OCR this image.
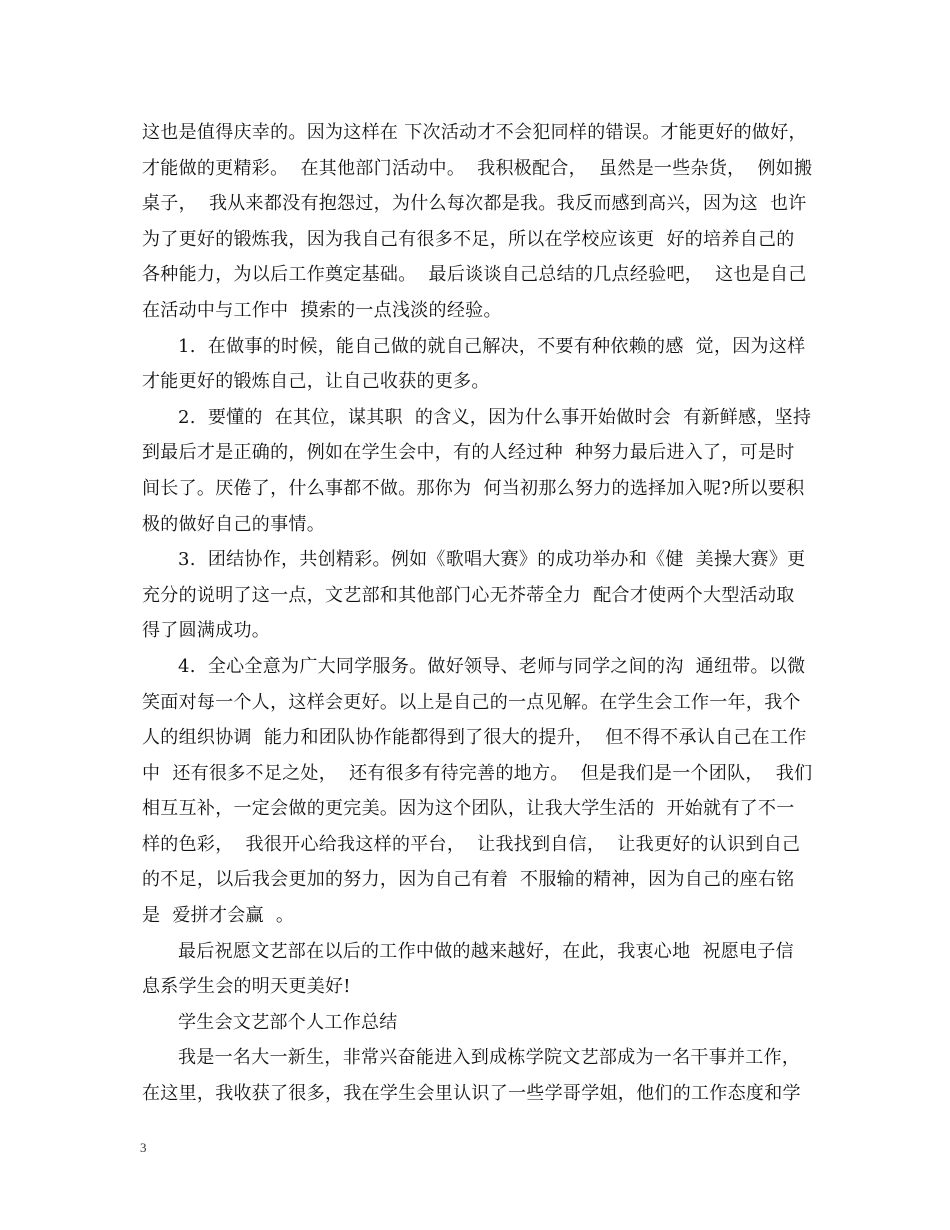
这也是值得庆幸的。因为这样在 下次活动才不会犯同样的错误。才能更好的做好，
才能做的更精彩。  在其他部门活动中。  我积极配合，  虽然是一些杂货，  例如搬
桌子，  我从来都没有抱怨过，为什么每次都是我。我反而感到高兴，因为这  也许
为了更好的锻炼我，因为我自己有很多不足，所以在学校应该更  好的培养自己的
各种能力，为以后工作奠定基础。  最后谈谈自己总结的几点经验吧，  这也是自己
在活动中与工作中  摸索的一点浅淡的经验。
1.  在做事的时候，能自己做的就自己解决，不要有种依赖的感  觉，因为这样
才能更好的锻炼自己，让自己收获的更多。
2.  要懂的  在其位，谋其职  的含义，因为什么事开始做时会  有新鲜感，坚持
到最后才是正确的，例如在学生会中，有的人经过种  种努力最后进入了，可是时
间长了。厌倦了，什么事都不做。那你为  何当初那么努力的选择加入呢?所以要积
极的做好自己的事情。
3.  团结协作，共创精彩。例如《歌唱大赛》的成功举办和《健  美操大赛》更
充分的说明了这一点，文艺部和其他部门心无芥蒂全力  配合才使两个大型活动取
得了圆满成功。
4.  全心全意为广大同学服务。做好领导、老师与同学之间的沟  通纽带。以微
笑面对每一个人，这样会更好。以上是自己的一点见解。在学生会工作一年，我个
人的组织协调  能力和团队协作能都得到了很大的提升，  但不得不承认自己在工作
中  还有很多不足之处，  还有很多有待完善的地方。  但是我们是一个团队，  我们
相互互补，一定会做的更完美。因为这个团队，让我大学生活的  开始就有了不一
样的色彩，  我很开心给我这样的平台，  让我找到自信，  让我更好的认识到自己
的不足，以后我会更加的努力，因为自己有着  不服输的精神，因为自己的座右铭
是  爱拼才会赢  。
最后祝愿文艺部在以后的工作中做的越来越好，在此，我衷心地  祝愿电子信
息系学生会的明天更美好!
学生会文艺部个人工作总结
我是一名大一新生，非常兴奋能进入到成栋学院文艺部成为一名干事并工作，
在这里，我收获了很多，我在学生会里认识了一些学哥学姐，他们的工作态度和学
3
